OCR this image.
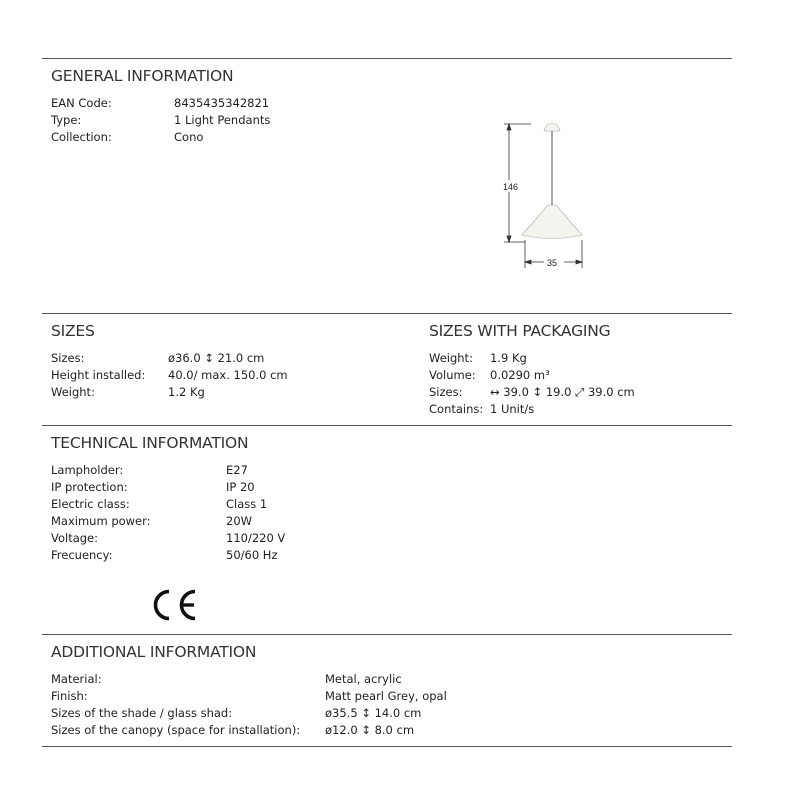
GENERAL INFORMATION
EAN Code:	8435435342821
Type:	1 Light Pendants
Collection:	Cono
146
35
SIZES	SIZES WITH PACKAGING
Sizes:	ø36.0 ↕ 21.0 cm
Height installed: 40.0/ max. 150.0 cm
Weight:	1.2 Kg
Weight: 1.9 Kg
Volume: 0.0290 m³
Sizes: ↔ 39.0 ↕ 19.0 ⤢ 39.0 cm
Contains: 1 Unit/s
TECHNICAL INFORMATION
Lampholder:	E27
IP protection:	IP 20
Electric class:	Class 1
Maximum power:	20W
Voltage:	110/220 V
Frecuency:	50/60 Hz
ADDITIONAL INFORMATION
Material:	Metal, acrylic
Finish:	Matt pearl Grey, opal
Sizes of the shade / glass shad:	ø35.5 ↕ 14.0 cm
Sizes of the canopy (space for installation): ø12.0 ↕ 8.0 cm
